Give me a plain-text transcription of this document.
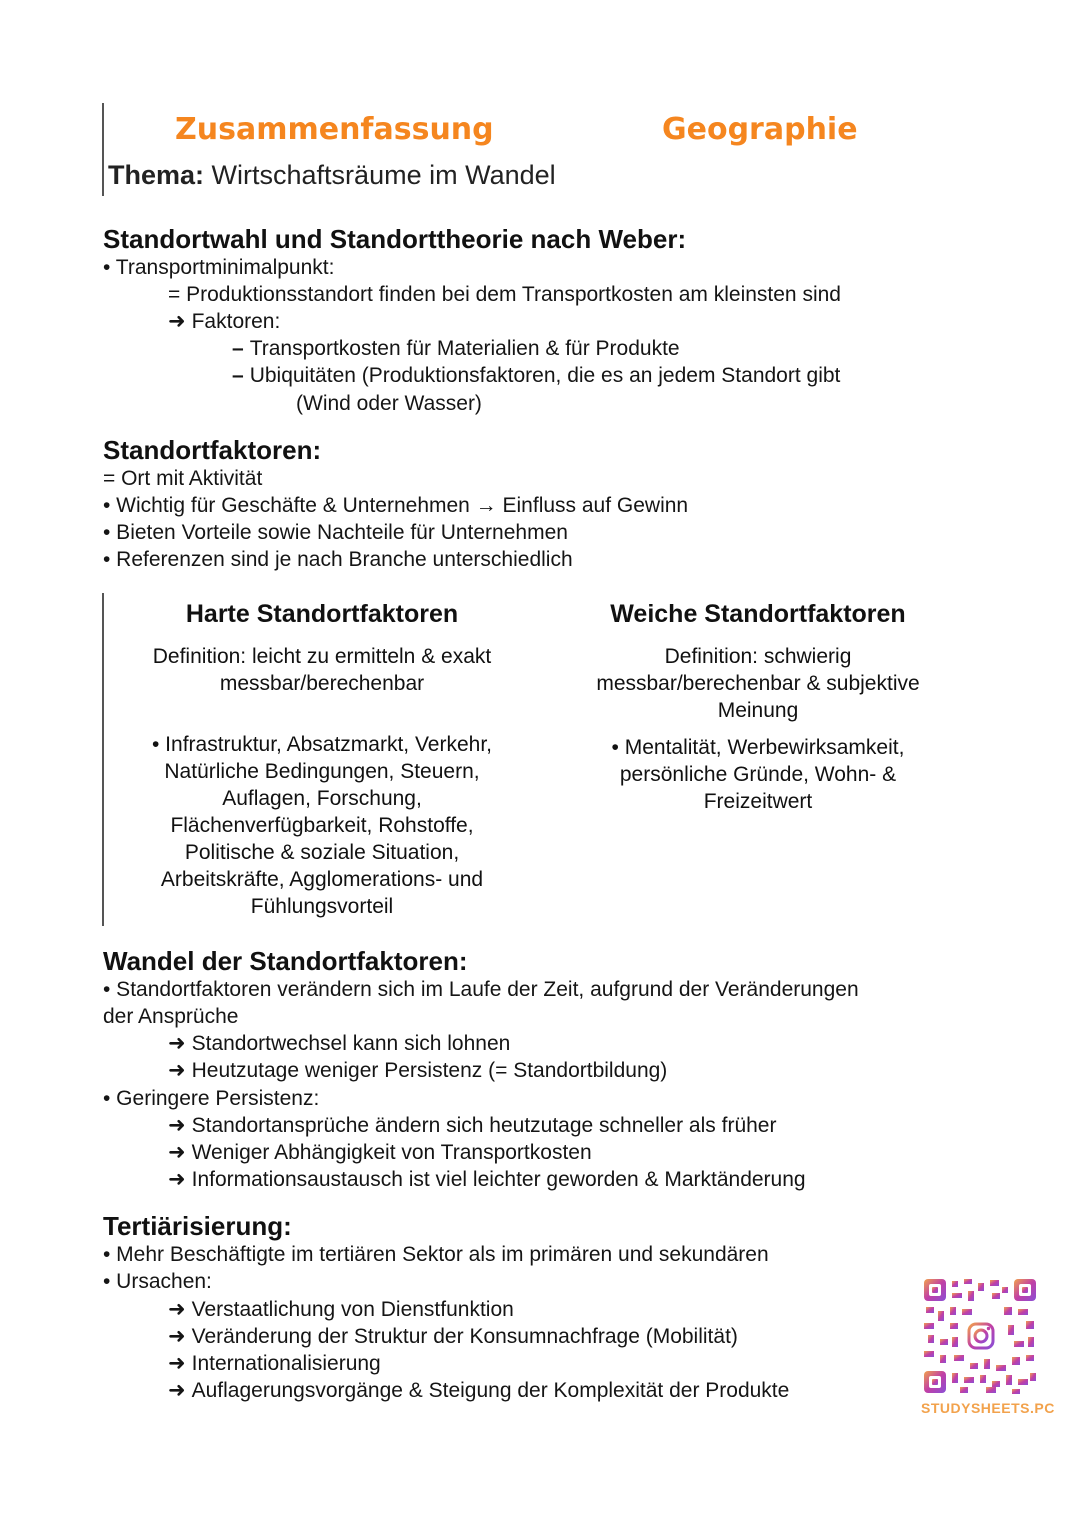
Zusammenfassung	Geographie
Thema: Wirtschaftsräume im Wandel
Standortwahl und Standorttheorie nach Weber:
• Transportminimalpunkt:
= Produktionsstandort finden bei dem Transportkosten am kleinsten sind
➜ Faktoren:
– Transportkosten für Materialien & für Produkte
– Ubiquitäten (Produktionsfaktoren, die es an jedem Standort gibt
(Wind oder Wasser)
Standortfaktoren:
= Ort mit Aktivität
• Wichtig für Geschäfte & Unternehmen → Einfluss auf Gewinn
• Bieten Vorteile sowie Nachteile für Unternehmen
• Referenzen sind je nach Branche unterschiedlich
Harte Standortfaktoren
Definition: leicht zu ermitteln & exakt messbar/berechenbar
• Infrastruktur, Absatzmarkt, Verkehr, Natürliche Bedingungen, Steuern, Auflagen, Forschung, Flächenverfügbarkeit, Rohstoffe, Politische & soziale Situation, Arbeitskräfte, Agglomerations- und Fühlungsvorteil
Weiche Standortfaktoren
Definition: schwierig messbar/berechenbar & subjektive Meinung
• Mentalität, Werbewirksamkeit, persönliche Gründe, Wohn- & Freizeitwert
Wandel der Standortfaktoren:
• Standortfaktoren verändern sich im Laufe der Zeit, aufgrund der Veränderungen
der Ansprüche
➜ Standortwechsel kann sich lohnen
➜ Heutzutage weniger Persistenz (= Standortbildung)
• Geringere Persistenz:
➜ Standortansprüche ändern sich heutzutage schneller als früher
➜ Weniger Abhängigkeit von Transportkosten
➜ Informationsaustausch ist viel leichter geworden & Marktänderung
Tertiärisierung:
• Mehr Beschäftigte im tertiären Sektor als im primären und sekundären
• Ursachen:
➜ Verstaatlichung von Dienstfunktion
➜ Veränderung der Struktur der Konsumnachfrage (Mobilität)
➜ Internationalisierung
➜ Auflagerungsvorgänge & Steigung der Komplexität der Produkte
STUDYSHEETS.PC
